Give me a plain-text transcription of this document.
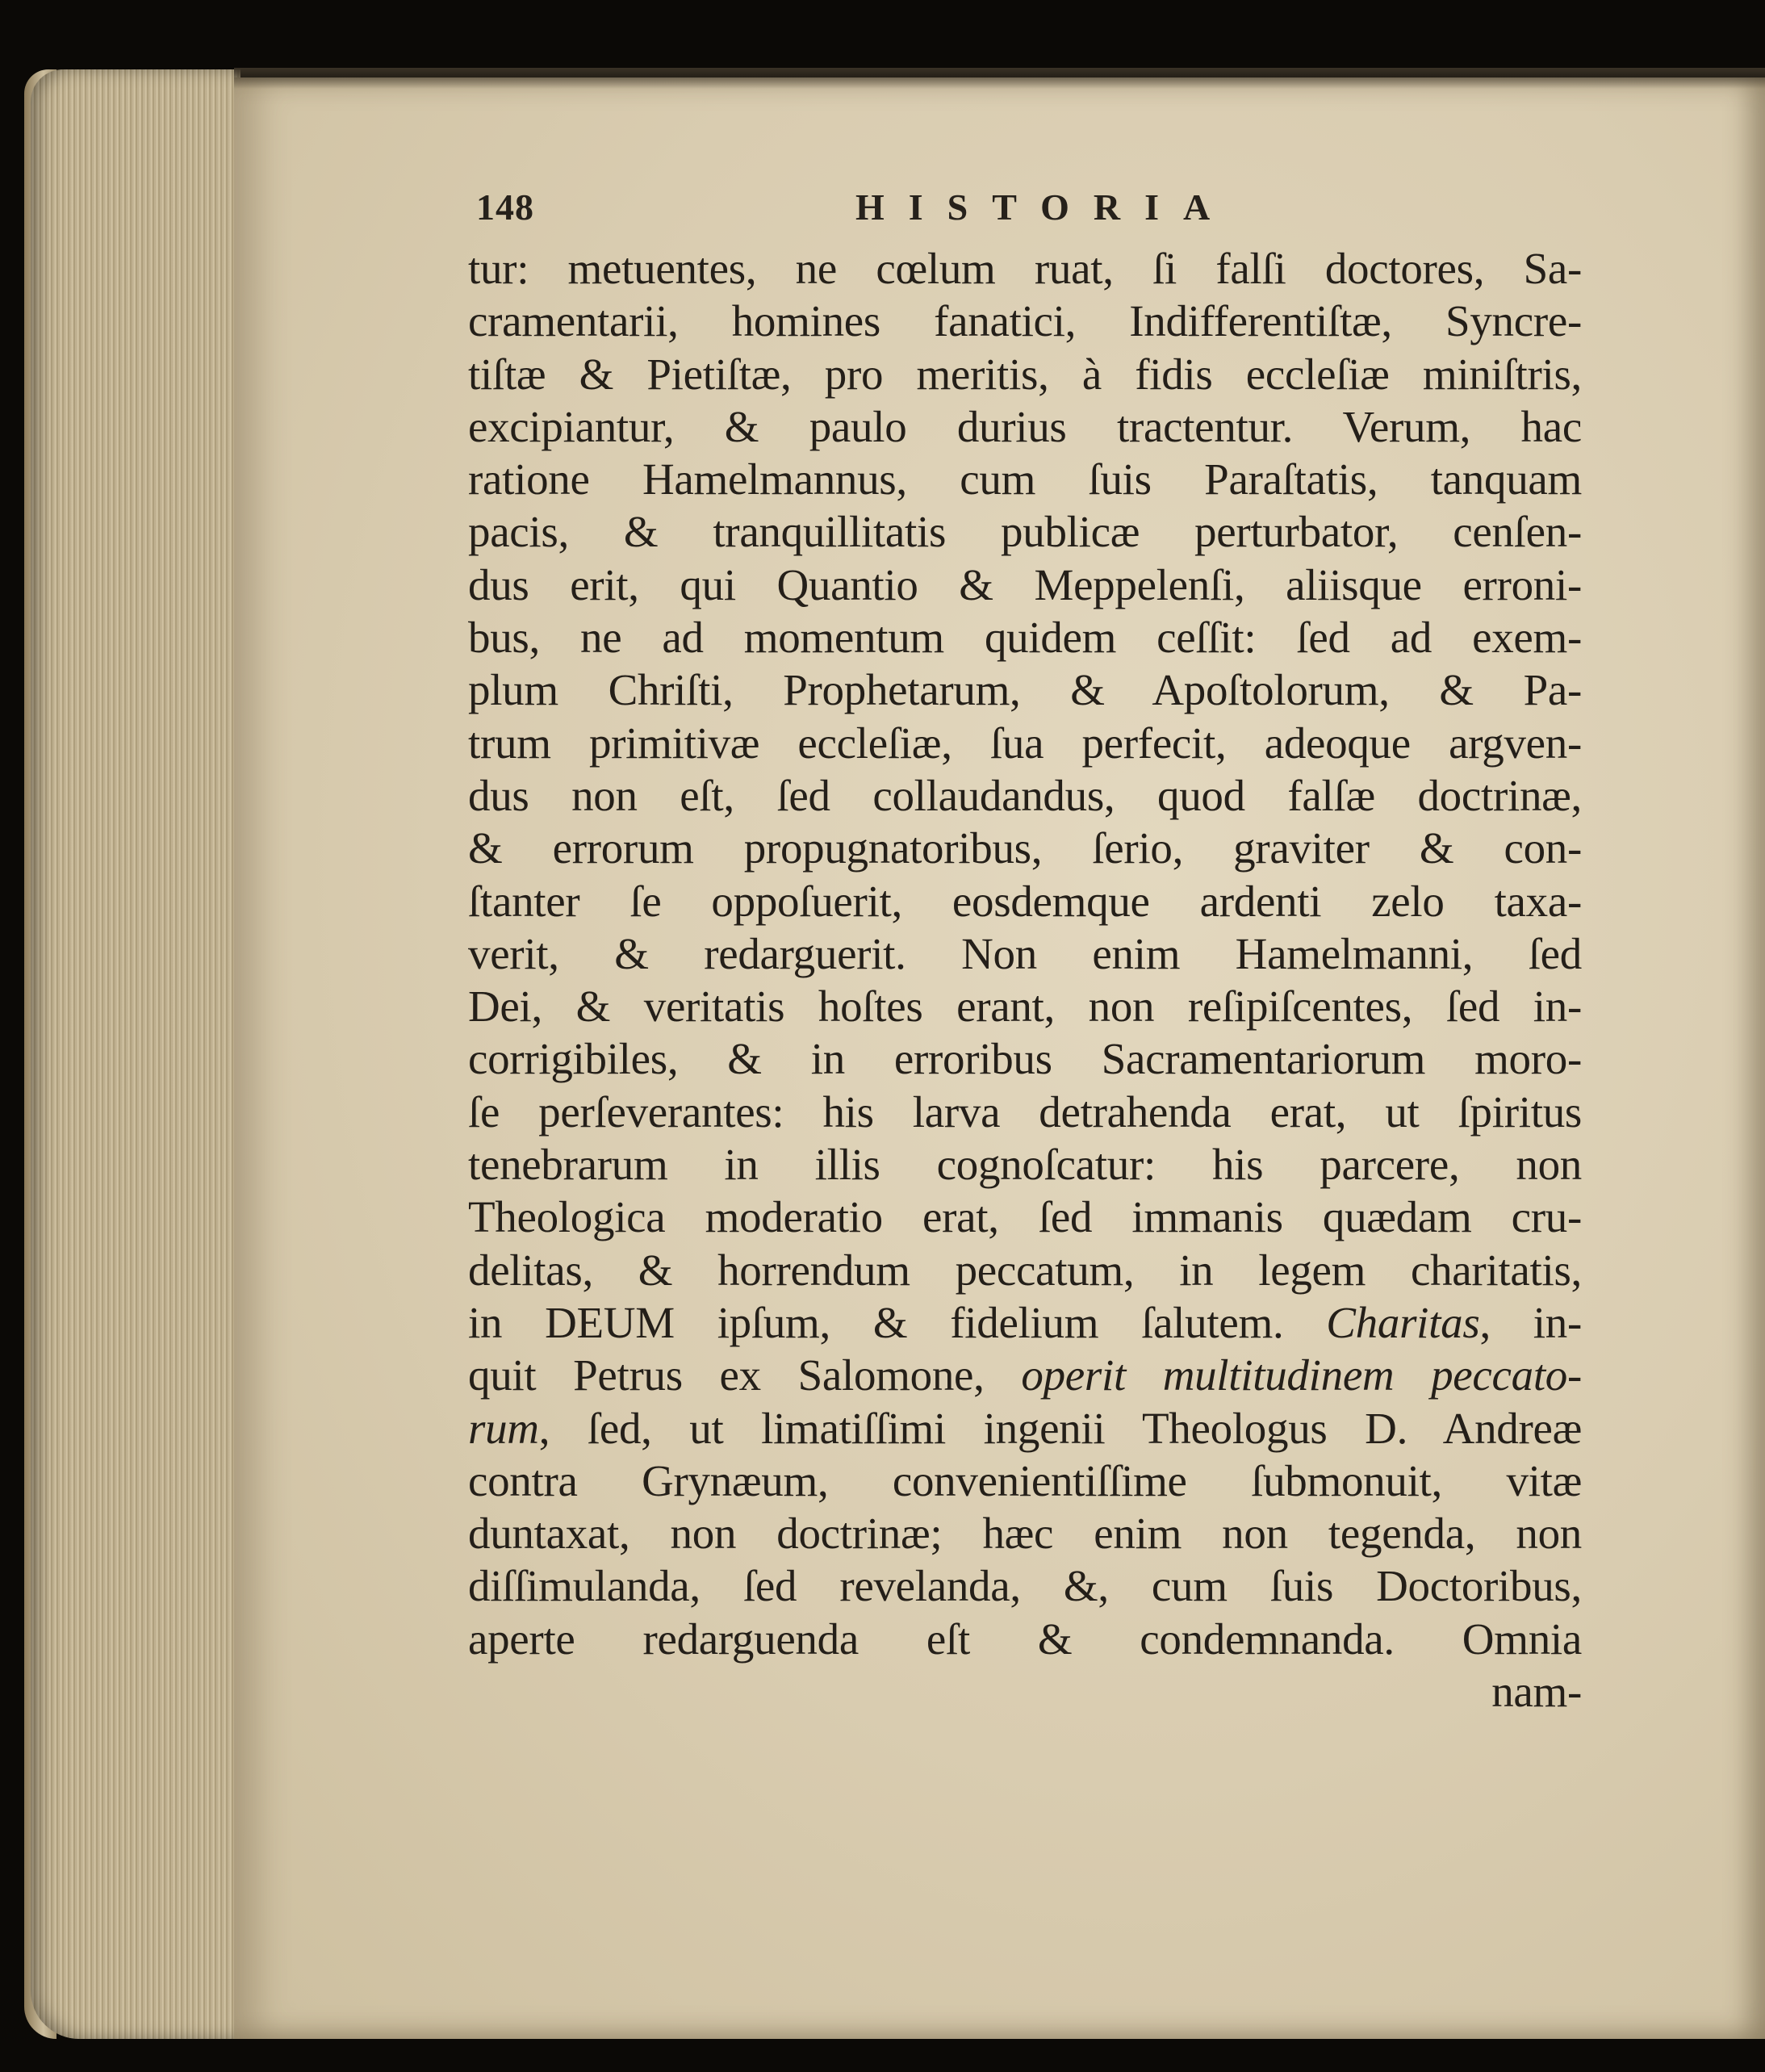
148	HISTORIA
tur: metuentes, ne cœlum ruat, ſi falſi doctores, Sa-
cramentarii, homines fanatici, Indifferentiſtæ, Syncre-
tiſtæ & Pietiſtæ, pro meritis, à fidis eccleſiæ miniſtris,
excipiantur, & paulo durius tractentur. Verum, hac
ratione Hamelmannus, cum ſuis Paraſtatis, tanquam
pacis, & tranquillitatis publicæ perturbator, cenſen-
dus erit, qui Quantio & Meppelenſi, aliisque erroni-
bus, ne ad momentum quidem ceſſit: ſed ad exem-
plum Chriſti, Prophetarum, & Apoſtolorum, & Pa-
trum primitivæ eccleſiæ, ſua perfecit, adeoque argven-
dus non eſt, ſed collaudandus, quod falſæ doctrinæ,
& errorum propugnatoribus, ſerio, graviter & con-
ſtanter ſe oppoſuerit, eosdemque ardenti zelo taxa-
verit, & redarguerit. Non enim Hamelmanni, ſed
Dei, & veritatis hoſtes erant, non reſipiſcentes, ſed in-
corrigibiles, & in erroribus Sacramentariorum moro-
ſe perſeverantes: his larva detrahenda erat, ut ſpiritus
tenebrarum in illis cognoſcatur: his parcere, non
Theologica moderatio erat, ſed immanis quædam cru-
delitas, & horrendum peccatum, in legem charitatis,
in DEUM ipſum, & fidelium ſalutem. Charitas, in-
quit Petrus ex Salomone, operit multitudinem peccato-
rum, ſed, ut limatiſſimi ingenii Theologus D. Andreæ
contra Grynæum, convenientiſſime ſubmonuit, vitæ
duntaxat, non doctrinæ; hæc enim non tegenda, non
diſſimulanda, ſed revelanda, &, cum ſuis Doctoribus,
aperte redarguenda eſt & condemnanda. Omnia
nam-
